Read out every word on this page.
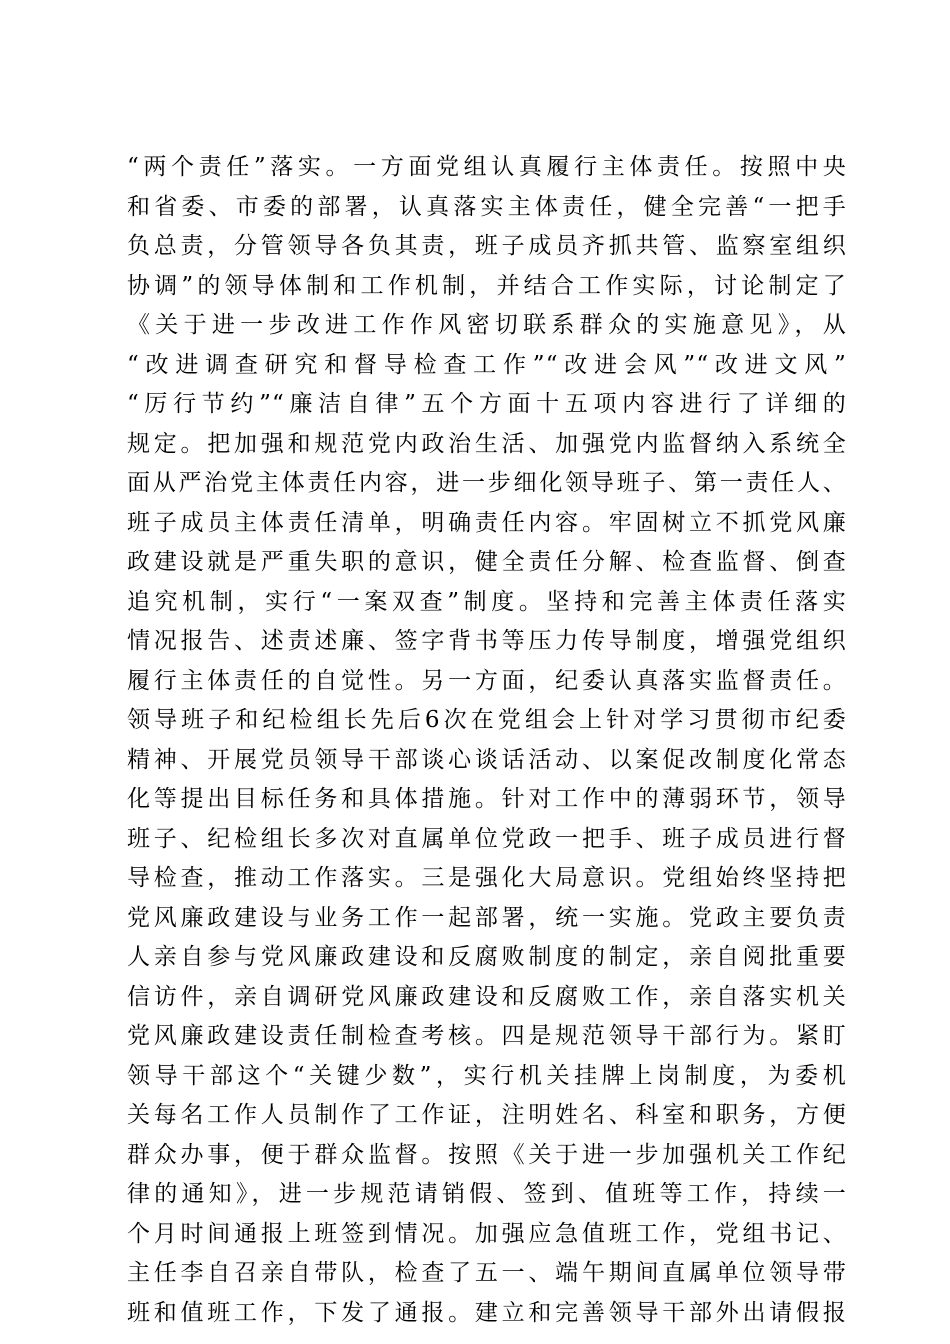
“两个责任”落实。一方面党组认真履行主体责任。按照中央
和省委、市委的部署，认真落实主体责任，健全完善“一把手
负总责，分管领导各负其责，班子成员齐抓共管、监察室组织
协调”的领导体制和工作机制，并结合工作实际，讨论制定了
《关于进一步改进工作作风密切联系群众的实施意见》，从
“改进调查研究和督导检查工作”“改进会风”“改进文风”
“厉行节约”“廉洁自律”五个方面十五项内容进行了详细的
规定。把加强和规范党内政治生活、加强党内监督纳入系统全
面从严治党主体责任内容，进一步细化领导班子、第一责任人、
班子成员主体责任清单，明确责任内容。牢固树立不抓党风廉
政建设就是严重失职的意识，健全责任分解、检查监督、倒查
追究机制，实行“一案双查”制度。坚持和完善主体责任落实
情况报告、述责述廉、签字背书等压力传导制度，增强党组织
履行主体责任的自觉性。另一方面，纪委认真落实监督责任。
领导班子和纪检组长先后6次在党组会上针对学习贯彻市纪委
精神、开展党员领导干部谈心谈话活动、以案促改制度化常态
化等提出目标任务和具体措施。针对工作中的薄弱环节，领导
班子、纪检组长多次对直属单位党政一把手、班子成员进行督
导检查，推动工作落实。三是强化大局意识。党组始终坚持把
党风廉政建设与业务工作一起部署，统一实施。党政主要负责
人亲自参与党风廉政建设和反腐败制度的制定，亲自阅批重要
信访件，亲自调研党风廉政建设和反腐败工作，亲自落实机关
党风廉政建设责任制检查考核。四是规范领导干部行为。紧盯
领导干部这个“关键少数”，实行机关挂牌上岗制度，为委机
关每名工作人员制作了工作证，注明姓名、科室和职务，方便
群众办事，便于群众监督。按照《关于进一步加强机关工作纪
律的通知》，进一步规范请销假、签到、值班等工作，持续一
个月时间通报上班签到情况。加强应急值班工作，党组书记、
主任李自召亲自带队，检查了五一、端午期间直属单位领导带
班和值班工作，下发了通报。建立和完善领导干部外出请假报
